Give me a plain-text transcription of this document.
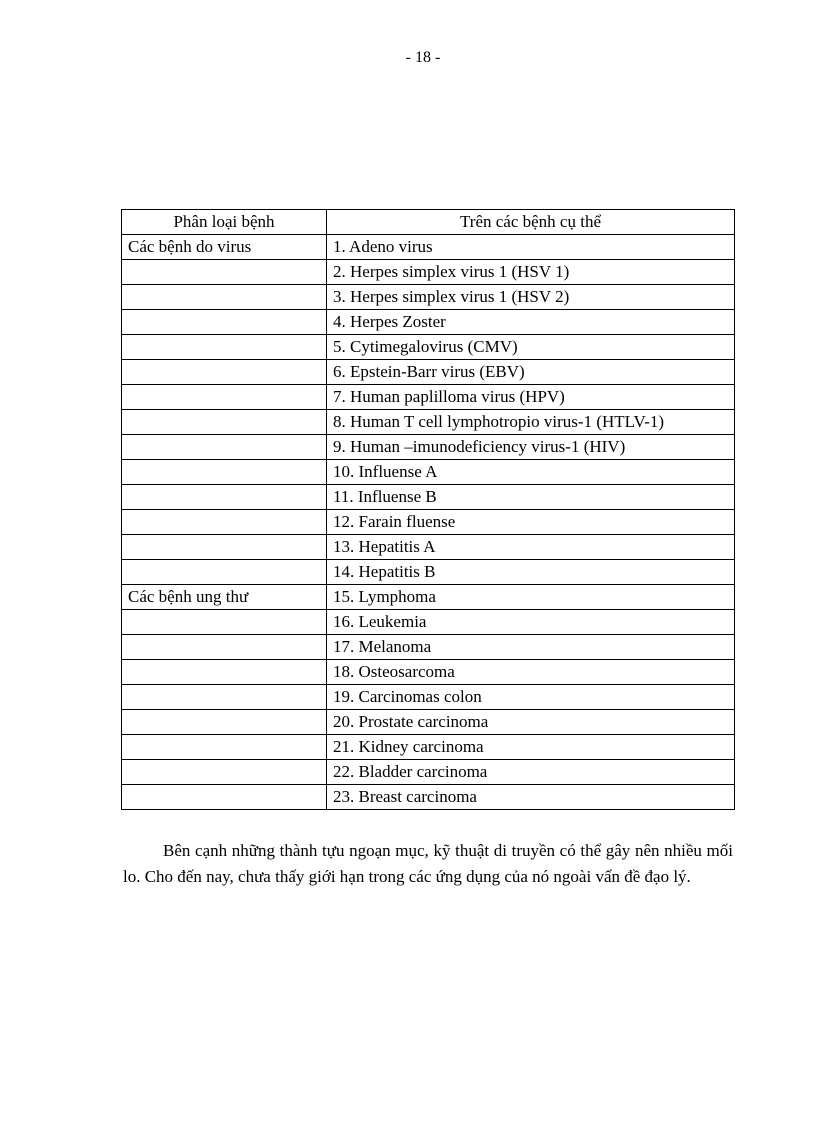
- 18 -
Phân loại bệnh	Trên các bệnh cụ thể
Các bệnh do virus	1. Adeno virus
	2. Herpes simplex virus 1 (HSV 1)
	3. Herpes simplex virus 1 (HSV 2)
	4. Herpes Zoster
	5. Cytimegalovirus (CMV)
	6. Epstein-Barr virus (EBV)
	7. Human paplilloma virus (HPV)
	8. Human T cell lymphotropio virus-1 (HTLV-1)
	9. Human –imunodeficiency virus-1 (HIV)
	10. Influense A
	11. Influense B
	12. Farain fluense
	13. Hepatitis A
	14. Hepatitis B
Các bệnh ung thư	15. Lymphoma
	16. Leukemia
	17. Melanoma
	18. Osteosarcoma
	19. Carcinomas colon
	20. Prostate carcinoma
	21. Kidney carcinoma
	22. Bladder carcinoma
	23. Breast carcinoma
Bên cạnh những thành tựu ngoạn mục, kỹ thuật di truyền có thể gây nên nhiều mối lo. Cho đến nay, chưa thấy giới hạn trong các ứng dụng của nó ngoài vấn đề đạo lý.
